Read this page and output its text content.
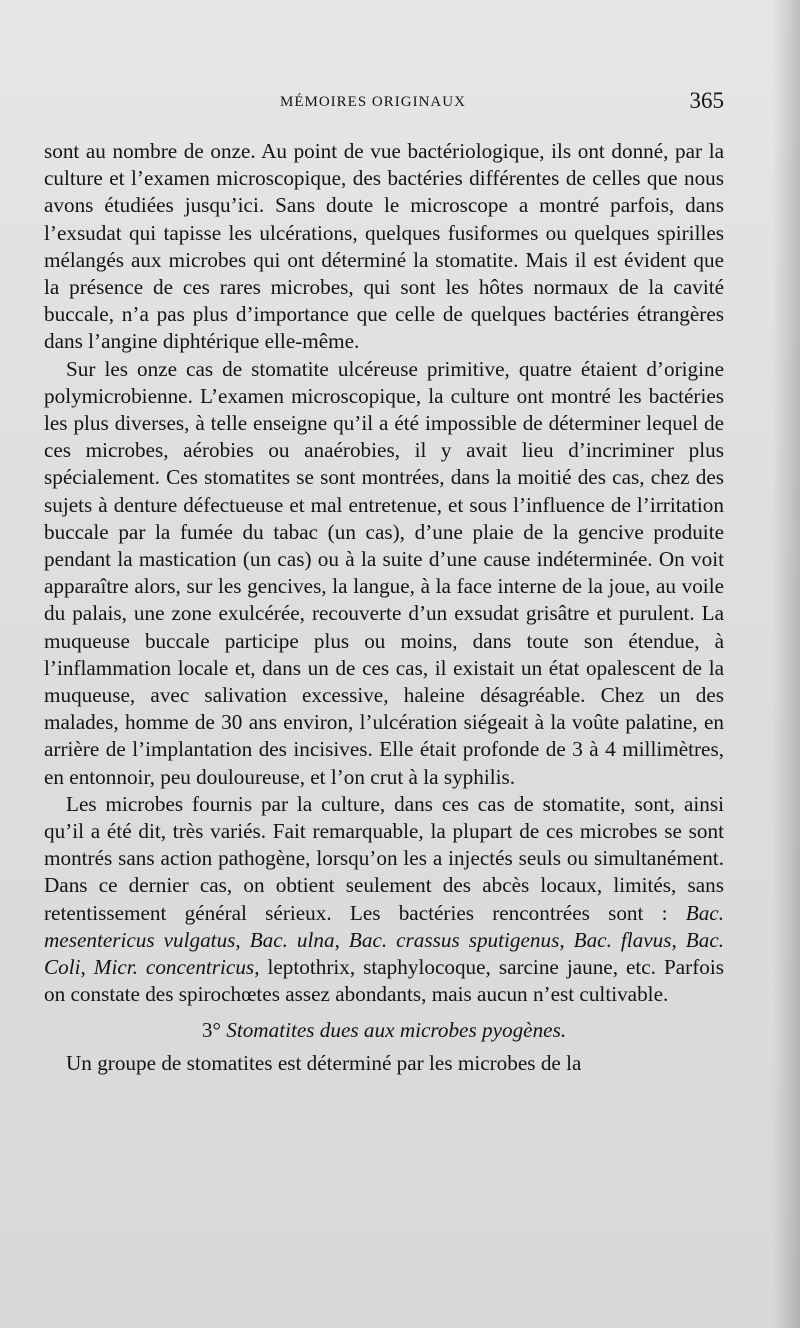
MÉMOIRES ORIGINAUX	365

sont au nombre de onze. Au point de vue bactériologique, ils ont donné, par la culture et l’examen microscopique, des bactéries différentes de celles que nous avons étudiées jusqu’ici. Sans doute le microscope a montré parfois, dans l’exsudat qui tapisse les ulcérations, quelques fusiformes ou quelques spirilles mélangés aux microbes qui ont déterminé la stomatite. Mais il est évident que la présence de ces rares microbes, qui sont les hôtes normaux de la cavité buccale, n’a pas plus d’importance que celle de quelques bactéries étrangères dans l’angine diphtérique elle-même.

Sur les onze cas de stomatite ulcéreuse primitive, quatre étaient d’origine polymicrobienne. L’examen microscopique, la culture ont montré les bactéries les plus diverses, à telle enseigne qu’il a été impossible de déterminer lequel de ces microbes, aérobies ou anaérobies, il y avait lieu d’incriminer plus spécialement. Ces stomatites se sont montrées, dans la moitié des cas, chez des sujets à denture défectueuse et mal entretenue, et sous l’influence de l’irritation buccale par la fumée du tabac (un cas), d’une plaie de la gencive produite pendant la mastication (un cas) ou à la suite d’une cause indéterminée. On voit apparaître alors, sur les gencives, la langue, à la face interne de la joue, au voile du palais, une zone exulcérée, recouverte d’un exsudat grisâtre et purulent. La muqueuse buccale participe plus ou moins, dans toute son étendue, à l’inflammation locale et, dans un de ces cas, il existait un état opalescent de la muqueuse, avec salivation excessive, haleine désagréable. Chez un des malades, homme de 30 ans environ, l’ulcération siégeait à la voûte palatine, en arrière de l’implantation des incisives. Elle était profonde de 3 à 4 millimètres, en entonnoir, peu douloureuse, et l’on crut à la syphilis.

Les microbes fournis par la culture, dans ces cas de stomatite, sont, ainsi qu’il a été dit, très variés. Fait remarquable, la plupart de ces microbes se sont montrés sans action pathogène, lorsqu’on les a injectés seuls ou simultanément. Dans ce dernier cas, on obtient seulement des abcès locaux, limités, sans retentissement général sérieux. Les bactéries rencontrées sont : Bac. mesentericus vulgatus, Bac. ulna, Bac. crassus sputigenus, Bac. flavus, Bac. Coli, Micr. concentricus, leptothrix, staphylocoque, sarcine jaune, etc. Parfois on constate des spirochœtes assez abondants, mais aucun n’est cultivable.

3° Stomatites dues aux microbes pyogènes.

Un groupe de stomatites est déterminé par les microbes de la
